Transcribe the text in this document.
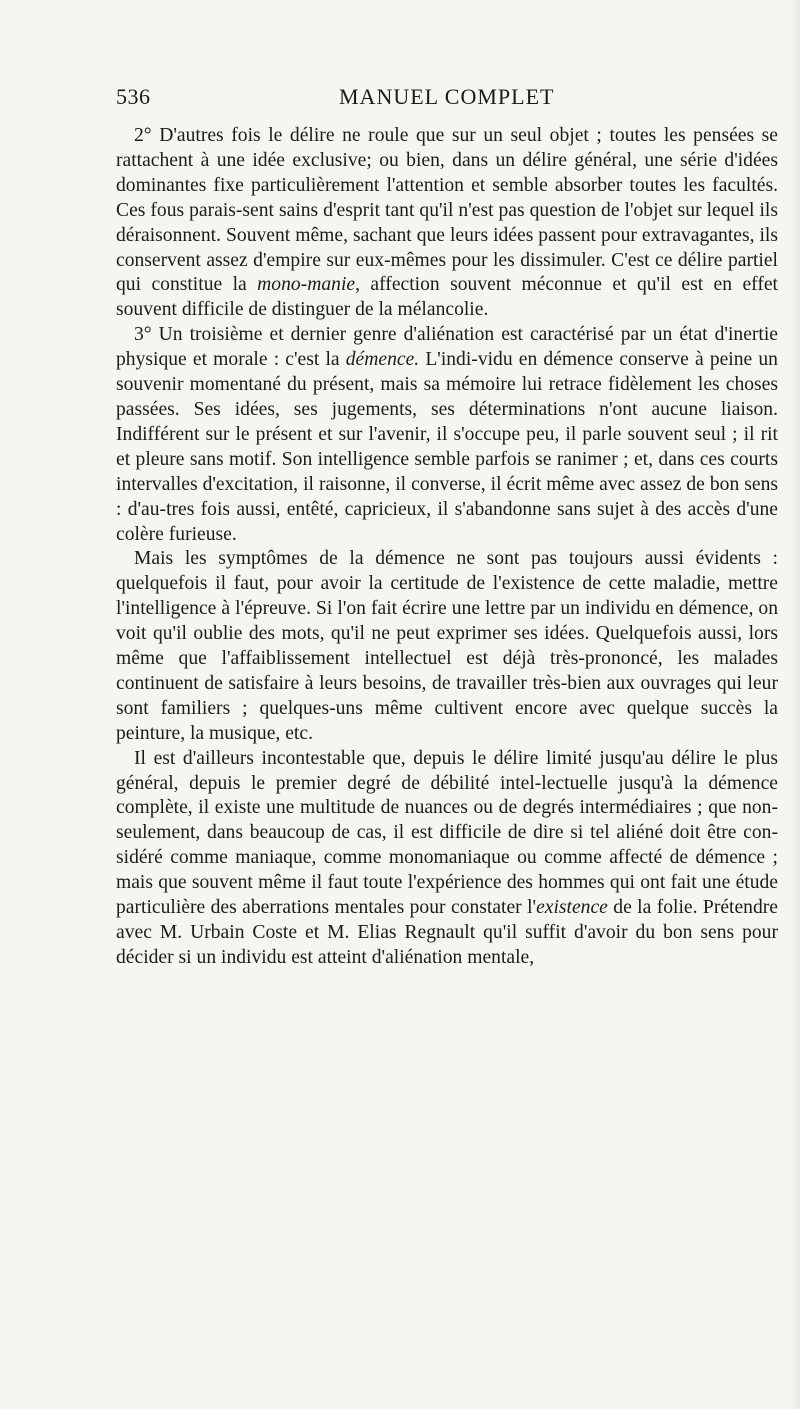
536	MANUEL COMPLET

2° D'autres fois le délire ne roule que sur un seul objet ; toutes les pensées se rattachent à une idée exclusive; ou bien, dans un délire général, une série d'idées dominantes fixe particulièrement l'attention et semble absorber toutes les facultés. Ces fous parais-sent sains d'esprit tant qu'il n'est pas question de l'objet sur lequel ils déraisonnent. Souvent même, sachant que leurs idées passent pour extravagantes, ils conservent assez d'empire sur eux-mêmes pour les dissimuler. C'est ce délire partiel qui constitue la mono-manie, affection souvent méconnue et qu'il est en effet souvent difficile de distinguer de la mélancolie.

3° Un troisième et dernier genre d'aliénation est caractérisé par un état d'inertie physique et morale : c'est la démence. L'indi-vidu en démence conserve à peine un souvenir momentané du présent, mais sa mémoire lui retrace fidèlement les choses passées. Ses idées, ses jugements, ses déterminations n'ont aucune liaison. Indifférent sur le présent et sur l'avenir, il s'occupe peu, il parle souvent seul ; il rit et pleure sans motif. Son intelligence semble parfois se ranimer ; et, dans ces courts intervalles d'excitation, il raisonne, il converse, il écrit même avec assez de bon sens : d'au-tres fois aussi, entêté, capricieux, il s'abandonne sans sujet à des accès d'une colère furieuse.

Mais les symptômes de la démence ne sont pas toujours aussi évidents : quelquefois il faut, pour avoir la certitude de l'existence de cette maladie, mettre l'intelligence à l'épreuve. Si l'on fait écrire une lettre par un individu en démence, on voit qu'il oublie des mots, qu'il ne peut exprimer ses idées. Quelquefois aussi, lors même que l'affaiblissement intellectuel est déjà très-prononcé, les malades continuent de satisfaire à leurs besoins, de travailler très-bien aux ouvrages qui leur sont familiers ; quelques-uns même cultivent encore avec quelque succès la peinture, la musique, etc.

Il est d'ailleurs incontestable que, depuis le délire limité jusqu'au délire le plus général, depuis le premier degré de débilité intel-lectuelle jusqu'à la démence complète, il existe une multitude de nuances ou de degrés intermédiaires ; que non-seulement, dans beaucoup de cas, il est difficile de dire si tel aliéné doit être con-sidéré comme maniaque, comme monomaniaque ou comme affecté de démence ; mais que souvent même il faut toute l'expérience des hommes qui ont fait une étude particulière des aberrations mentales pour constater l'existence de la folie. Prétendre avec M. Urbain Coste et M. Elias Regnault qu'il suffit d'avoir du bon sens pour décider si un individu est atteint d'aliénation mentale,
